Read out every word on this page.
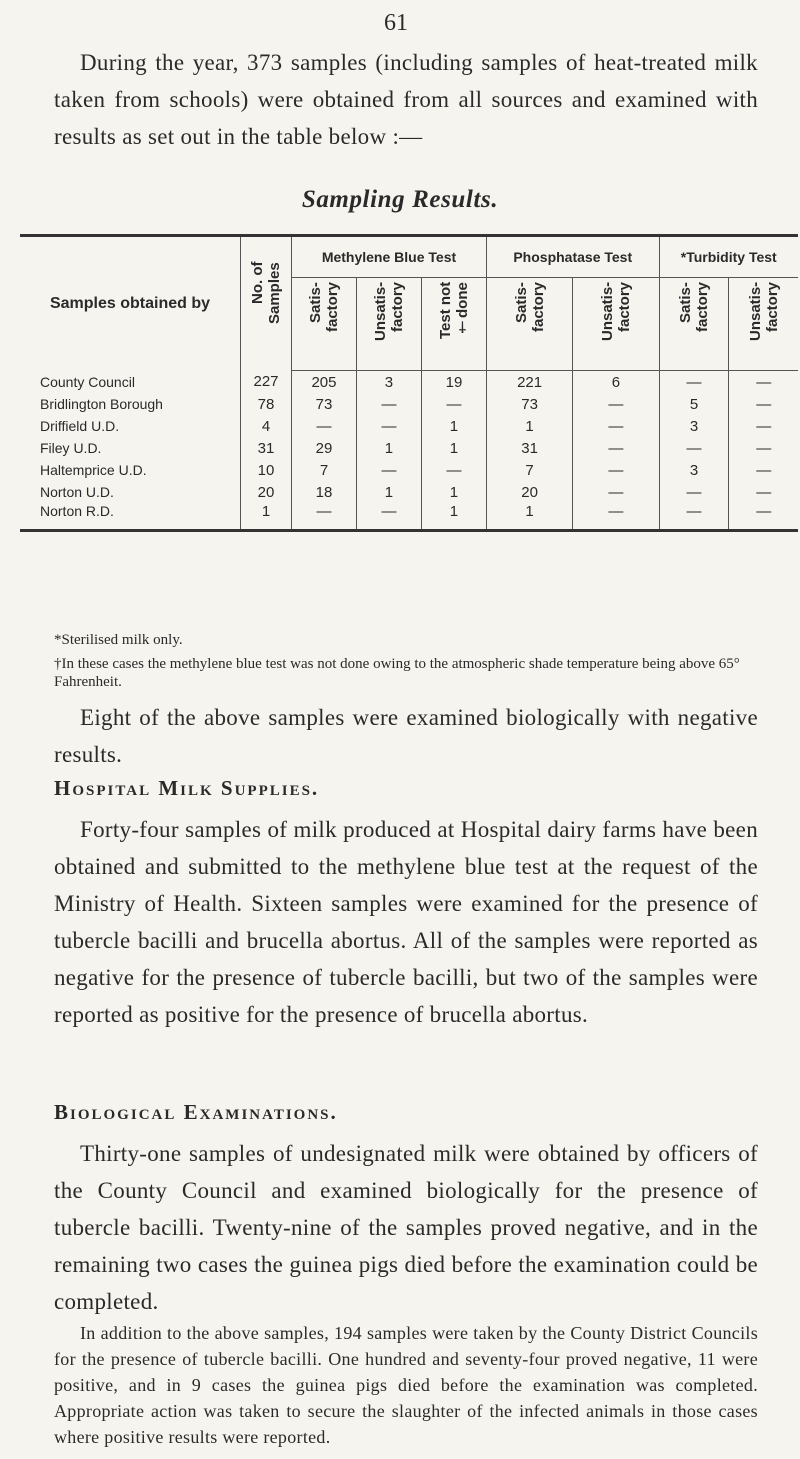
61

During the year, 373 samples (including samples of heat-treated milk taken from schools) were obtained from all sources and examined with results as set out in the table below :—

Sampling Results.
Samples obtained by	No. of Samples	Methylene Blue Test			Phosphatase Test		*Turbidity Test	

		Satis-factory	Unsatis-factory	Test not †done	Satis-factory	Unsatis-factory	Satis-factory	Unsatis-factory

County Council	227	205	3	19	221	6	—	—
Bridlington Borough	78	73	—	—	73	—	5	—
Driffield U.D.	4	—	—	1	1	—	3	—
Filey U.D.	31	29	1	1	31	—	—	—
Haltemprice U.D.	10	7	—	—	7	—	3	—
Norton U.D.	20	18	1	1	20	—	—	—
Norton R.D.	1	—	—	1	1	—	—	—

*Sterilised milk only.

†In these cases the methylene blue test was not done owing to the atmospheric shade temperature being above 65° Fahrenheit.

Eight of the above samples were examined biologically with negative results.

Hospital Milk Supplies.

Forty-four samples of milk produced at Hospital dairy farms have been obtained and submitted to the methylene blue test at the request of the Ministry of Health. Sixteen samples were examined for the presence of tubercle bacilli and brucella abortus. All of the samples were reported as negative for the presence of tubercle bacilli, but two of the samples were reported as positive for the presence of brucella abortus.

Biological Examinations.

Thirty-one samples of undesignated milk were obtained by officers of the County Council and examined biologically for the presence of tubercle bacilli. Twenty-nine of the samples proved negative, and in the remaining two cases the guinea pigs died before the examination could be completed.

In addition to the above samples, 194 samples were taken by the County District Councils for the presence of tubercle bacilli. One hundred and seventy-four proved negative, 11 were positive, and in 9 cases the guinea pigs died before the examination was completed. Appropriate action was taken to secure the slaughter of the infected animals in those cases where positive results were reported.
